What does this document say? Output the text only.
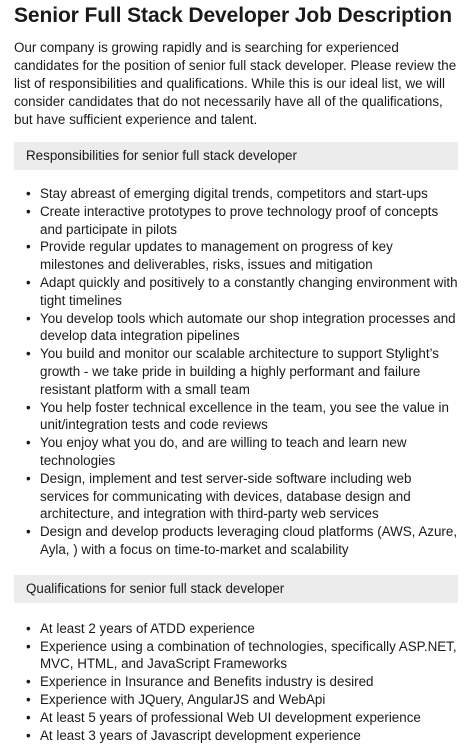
Senior Full Stack Developer Job Description

Our company is growing rapidly and is searching for experienced candidates for the position of senior full stack developer. Please review the list of responsibilities and qualifications. While this is our ideal list, we will consider candidates that do not necessarily have all of the qualifications, but have sufficient experience and talent.

Responsibilities for senior full stack developer
• Stay abreast of emerging digital trends, competitors and start-ups
• Create interactive prototypes to prove technology proof of concepts and participate in pilots
• Provide regular updates to management on progress of key milestones and deliverables, risks, issues and mitigation
• Adapt quickly and positively to a constantly changing environment with tight timelines
• You develop tools which automate our shop integration processes and develop data integration pipelines
• You build and monitor our scalable architecture to support Stylight’s growth - we take pride in building a highly performant and failure resistant platform with a small team
• You help foster technical excellence in the team, you see the value in unit/integration tests and code reviews
• You enjoy what you do, and are willing to teach and learn new technologies
• Design, implement and test server-side software including web services for communicating with devices, database design and architecture, and integration with third-party web services
• Design and develop products leveraging cloud platforms (AWS, Azure, Ayla, ) with a focus on time-to-market and scalability
Qualifications for senior full stack developer
• At least 2 years of ATDD experience
• Experience using a combination of technologies, specifically ASP.NET, MVC, HTML, and JavaScript Frameworks
• Experience in Insurance and Benefits industry is desired
• Experience with JQuery, AngularJS and WebApi
• At least 5 years of professional Web UI development experience
• At least 3 years of Javascript development experience
